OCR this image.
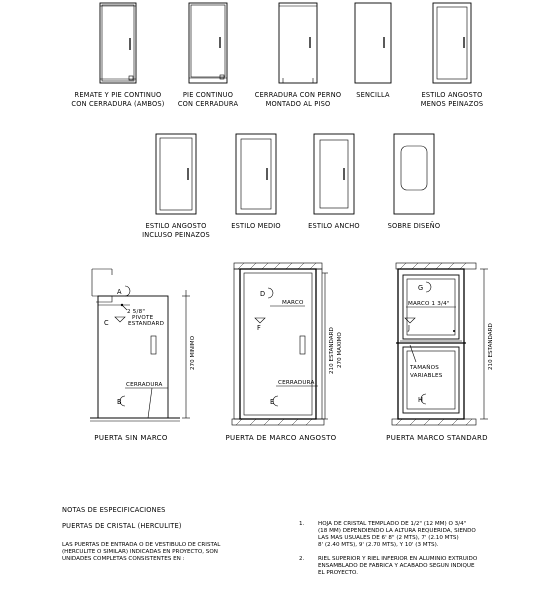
REMATE Y PIE CONTINUO
CON CERRADURA (AMBOS)
PIE CONTINUO
CON CERRADURA
CERRADURA CON PERNO
MONTADO AL PISO
SENCILLA	ESTILO ANGOSTO
MENOS PEINAZOS
ESTILO ANGOSTO
INCLUSO PEINAZOS
ESTILO MEDIO	ESTILO ANCHO	SOBRE DISEÑO
A
C
B
2 5/8"
PIVOTE
ESTANDARD
CERRADURA
270 MINIMO
PUERTA SIN MARCO
D
F
E
MARCO
CERRADURA
210 ESTANDARD 270 MAXIMO
PUERTA DE MARCO ANGOSTO
G
J
H
MARCO 1 3/4"
TAMAÑOS
VARIABLES
210 ESTANDARD
PUERTA MARCO STANDARD
NOTAS DE ESPECIFICACIONES
PUERTAS DE CRISTAL (HERCULITE)
LAS PUERTAS DE ENTRADA O DE VESTIBULO DE CRISTAL
(HERCULITE O SIMILAR) INDICADAS EN PROYECTO, SON
UNIDADES COMPLETAS CONSISTENTES EN :
1. HOJA DE CRISTAL TEMPLADO DE 1/2" (12 MM) O 3/4"
(18 MM) DEPENDIENDO LA ALTURA REQUERIDA, SIENDO
LAS MAS USUALES DE 6' 8" (2 MTS), 7' (2.10 MTS)
8' (2.40 MTS), 9' (2.70 MTS), Y 10' (3 MTS).
2. RIEL SUPERIOR Y RIEL INFERIOR EN ALUMINIO EXTRUIDO
ENSAMBLADO DE FABRICA Y ACABADO SEGUN INDIQUE
EL PROYECTO.
